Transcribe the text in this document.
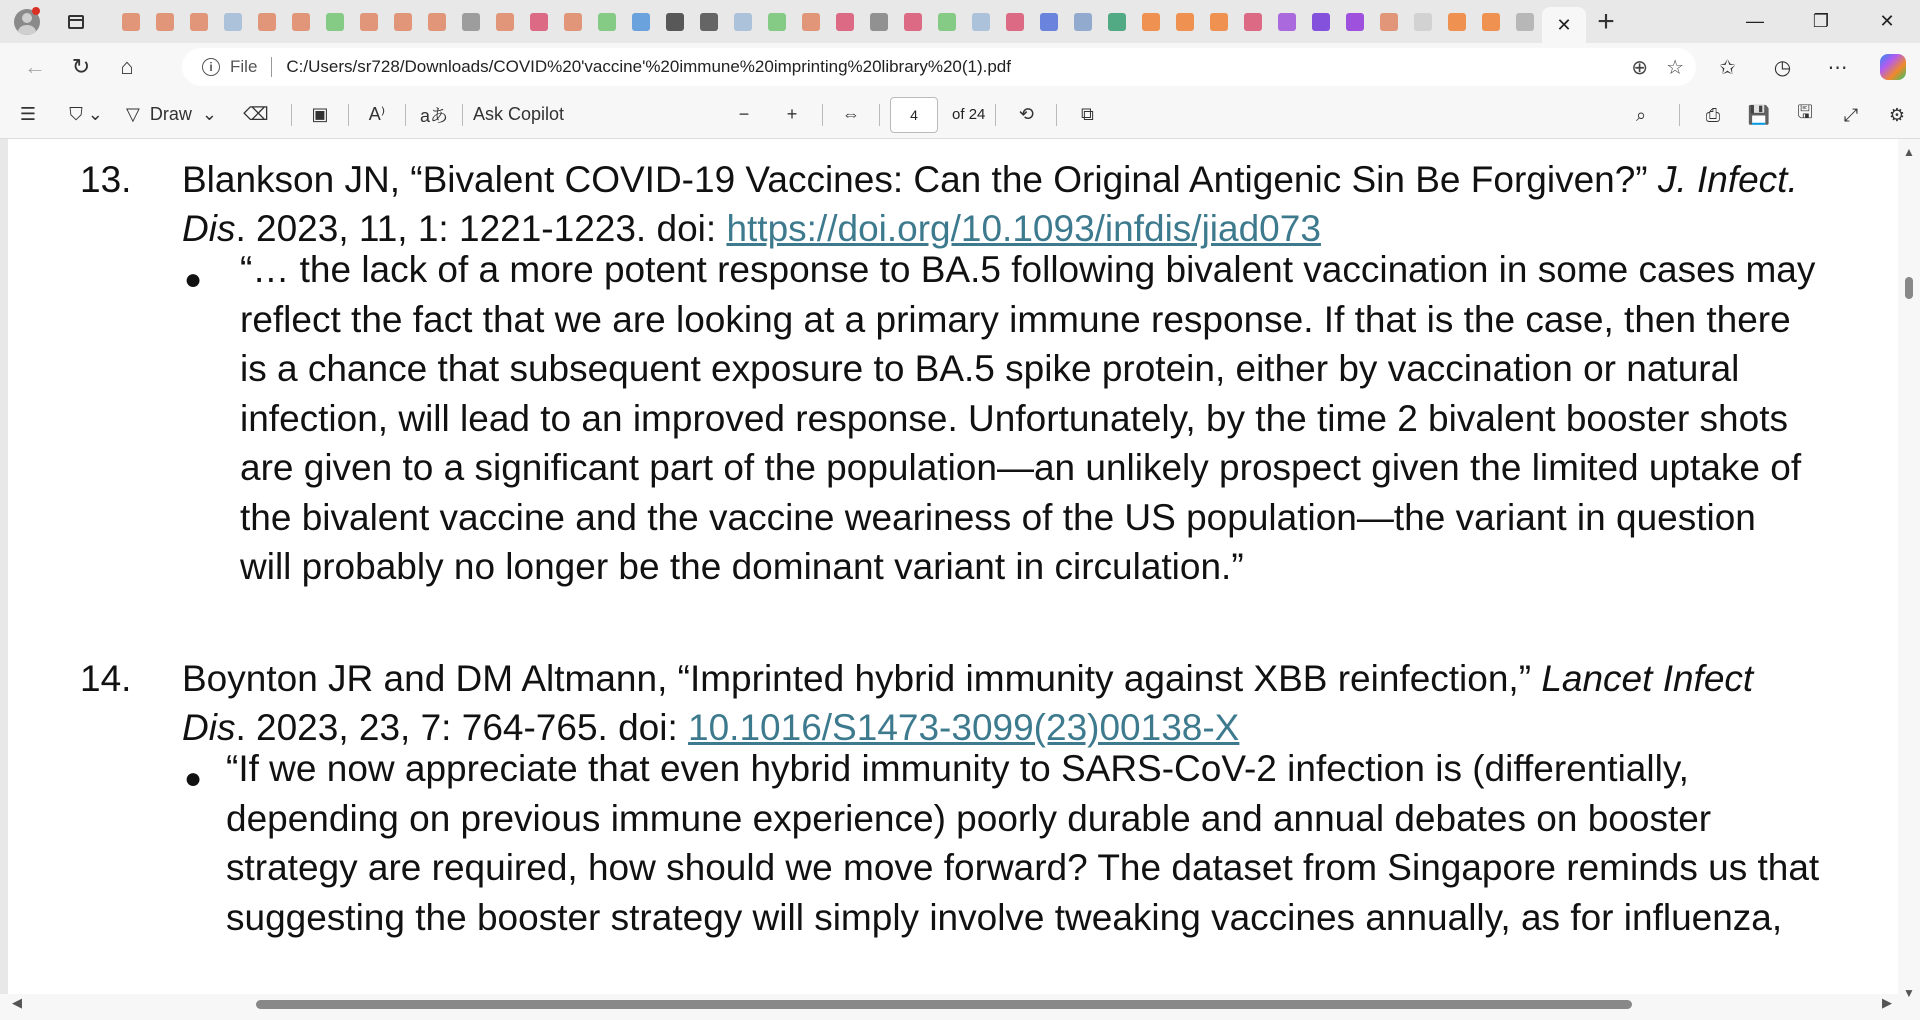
✕ +	—	❐	✕
←	↻	⌂	i	File C:/Users/sr728/Downloads/COVID%20'vaccine'%20immune%20imprinting%20library%20(1).pdf	⊕ ☆	✩	◷	⋯
☰	⛉ ⌄	▽
Draw ⌄	⌫	▣	A⁾	aあ Ask Copilot	−	+	⇔	4	of 24	⟲	⧉	⌕	⎙	💾	🖫	⤢	⚙
13. Blankson JN, “Bivalent COVID-19 Vaccines: Can the Original Antigenic Sin Be Forgiven?” J. Infect.
Dis. 2023, 11, 1: 1221-1223. doi: https://doi.org/10.1093/infdis/jiad073
● “… the lack of a more potent response to BA.5 following bivalent vaccination in some cases may
reflect the fact that we are looking at a primary immune response. If that is the case, then there
is a chance that subsequent exposure to BA.5 spike protein, either by vaccination or natural
infection, will lead to an improved response. Unfortunately, by the time 2 bivalent booster shots
are given to a significant part of the population—an unlikely prospect given the limited uptake of
the bivalent vaccine and the vaccine weariness of the US population—the variant in question
will probably no longer be the dominant variant in circulation.”
14. Boynton JR and DM Altmann, “Imprinted hybrid immunity against XBB reinfection,” Lancet Infect
Dis. 2023, 23, 7: 764-765. doi: 10.1016/S1473-3099(23)00138-X
● “If we now appreciate that even hybrid immunity to SARS-CoV-2 infection is (differentially,
depending on previous immune experience) poorly durable and annual debates on booster
strategy are required, how should we move forward? The dataset from Singapore reminds us that
suggesting the booster strategy will simply involve tweaking vaccines annually, as for influenza,
▲
▼
◀	▶
